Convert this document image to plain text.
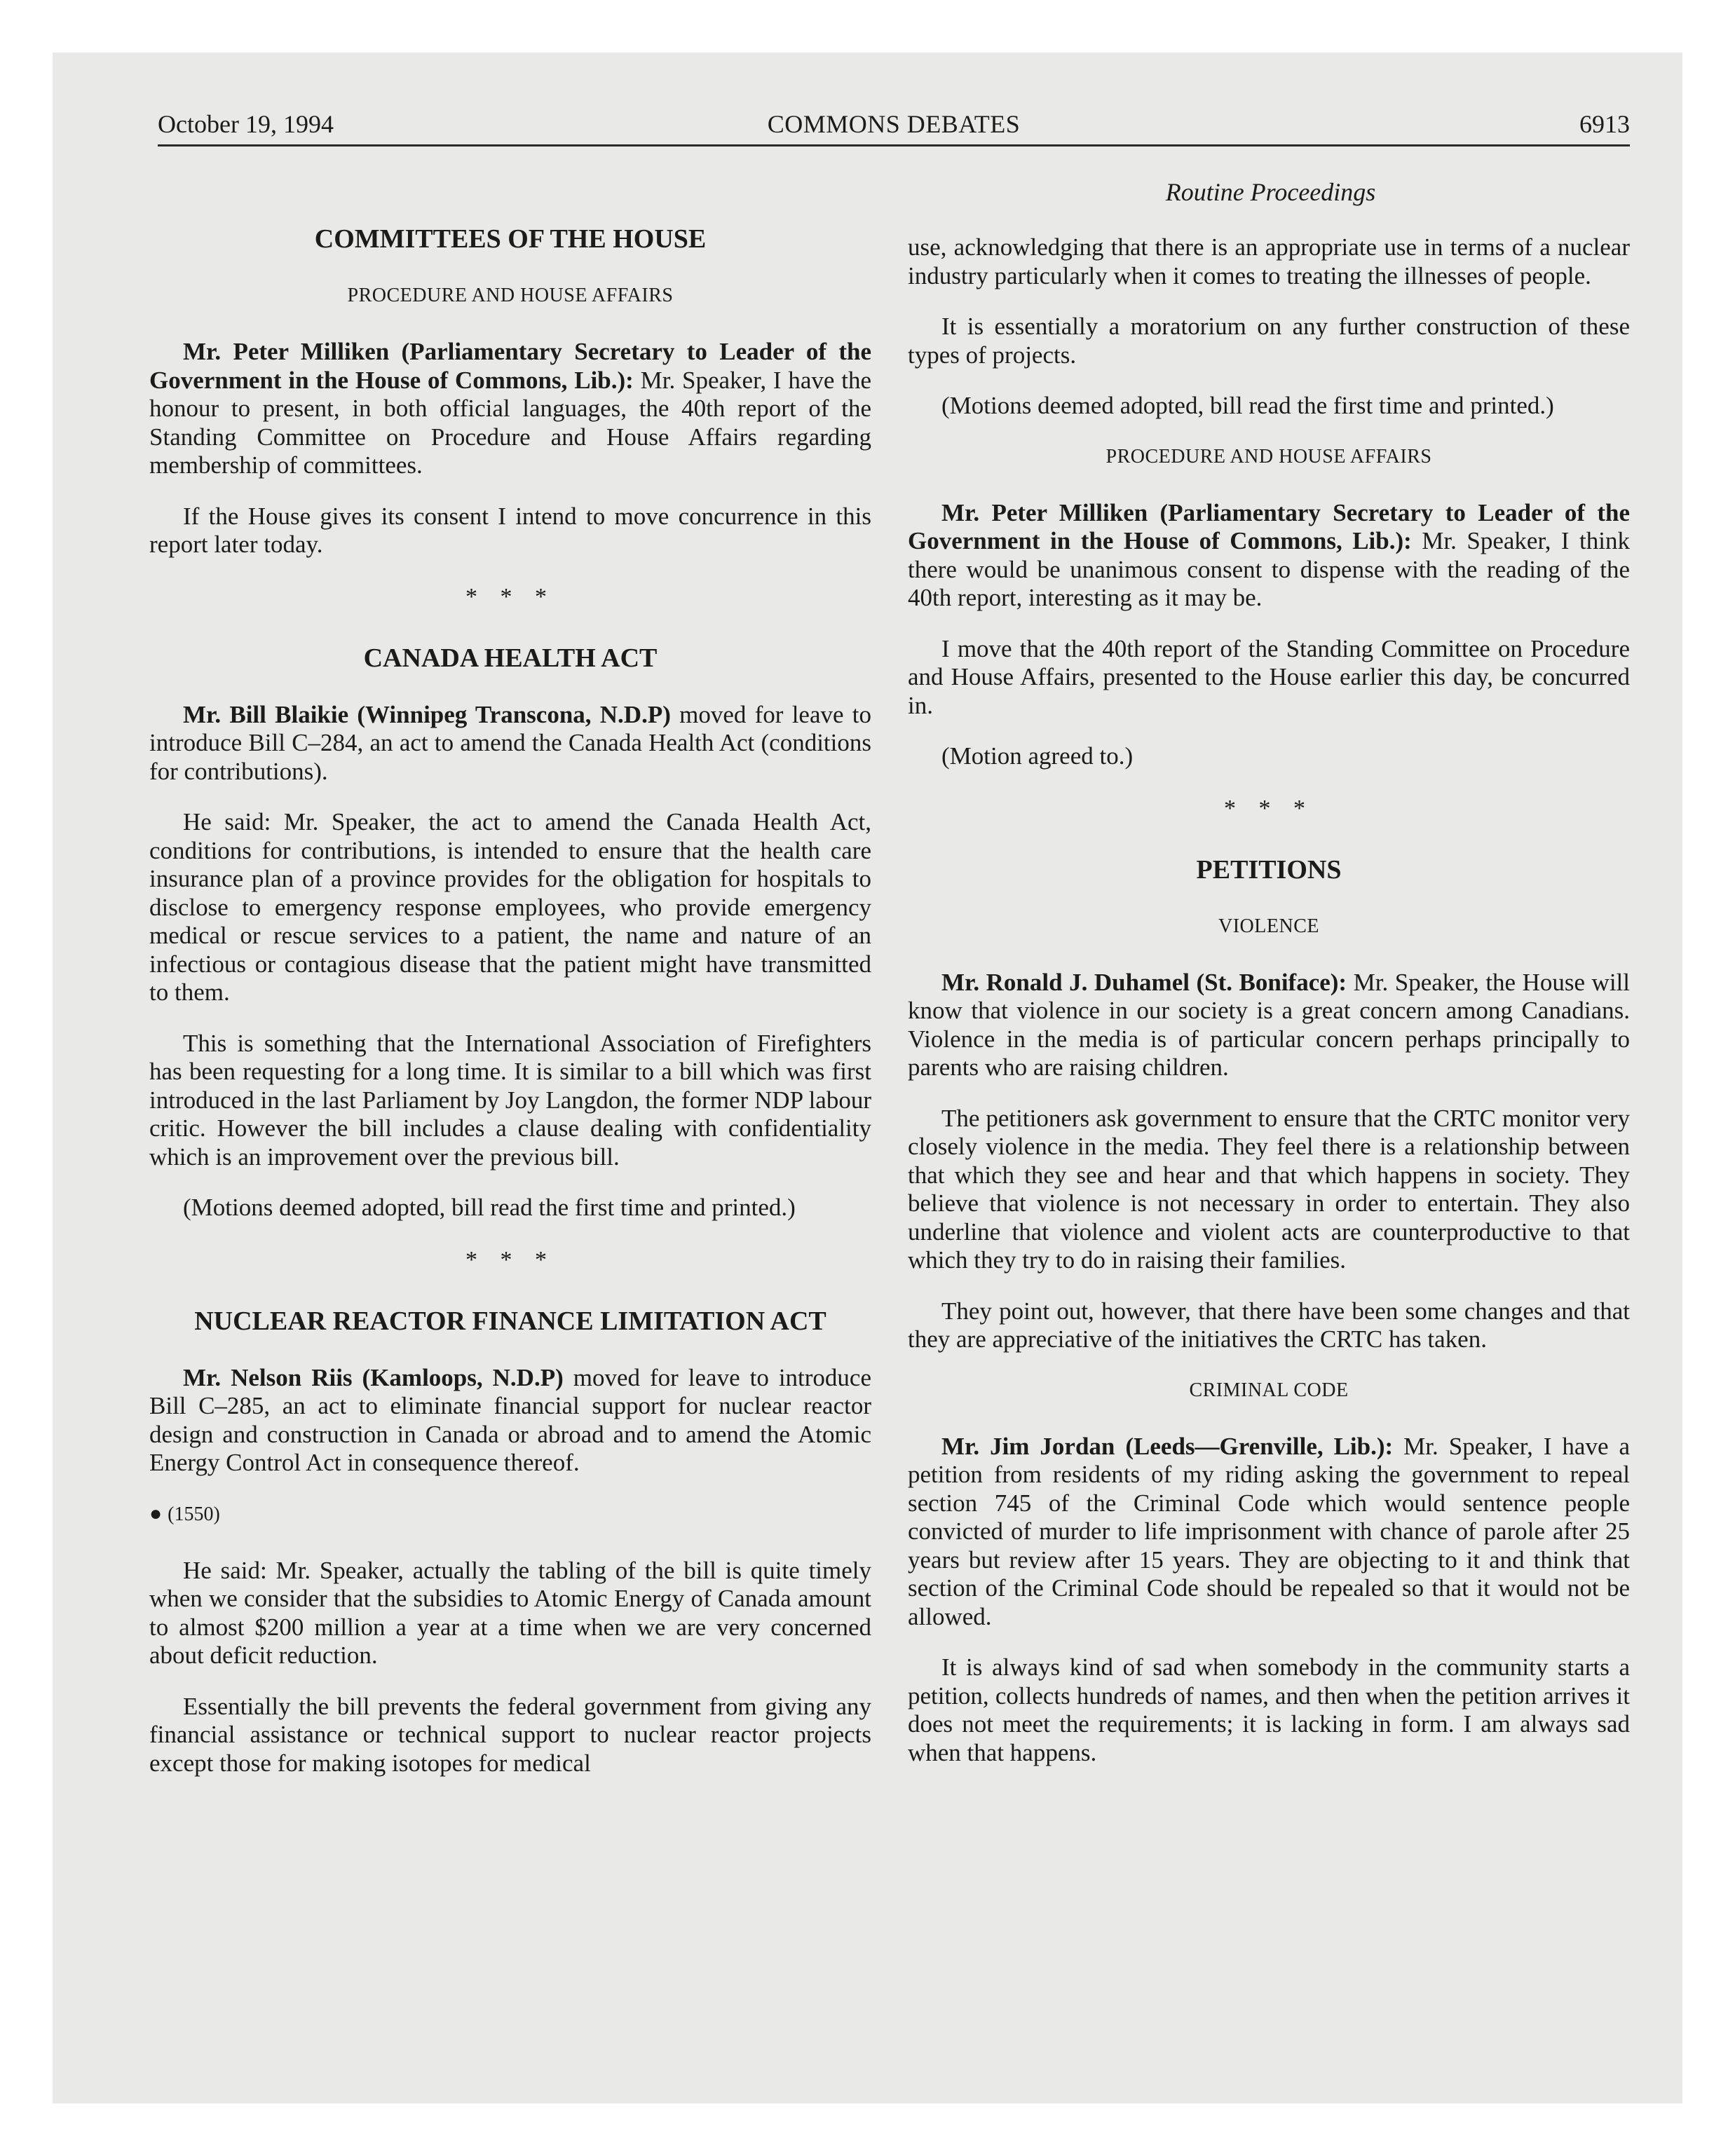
October 19, 1994	COMMONS DEBATES	6913
Routine Proceedings
COMMITTEES OF THE HOUSE
PROCEDURE AND HOUSE AFFAIRS

Mr. Peter Milliken (Parliamentary Secretary to Leader of the Government in the House of Commons, Lib.): Mr. Speaker, I have the honour to present, in both official languages, the 40th report of the Standing Committee on Procedure and House Affairs regarding membership of committees.

If the House gives its consent I intend to move concurrence in this report later today.

* * *
CANADA HEALTH ACT

Mr. Bill Blaikie (Winnipeg Transcona, N.D.P) moved for leave to introduce Bill C–284, an act to amend the Canada Health Act (conditions for contributions).

He said: Mr. Speaker, the act to amend the Canada Health Act, conditions for contributions, is intended to ensure that the health care insurance plan of a province provides for the obligation for hospitals to disclose to emergency response employees, who provide emergency medical or rescue services to a patient, the name and nature of an infectious or contagious disease that the patient might have transmitted to them.

This is something that the International Association of Firefighters has been requesting for a long time. It is similar to a bill which was first introduced in the last Parliament by Joy Langdon, the former NDP labour critic. However the bill includes a clause dealing with confidentiality which is an improvement over the previous bill.

(Motions deemed adopted, bill read the first time and printed.)

* * *
NUCLEAR REACTOR FINANCE LIMITATION ACT

Mr. Nelson Riis (Kamloops, N.D.P) moved for leave to introduce Bill C–285, an act to eliminate financial support for nuclear reactor design and construction in Canada or abroad and to amend the Atomic Energy Control Act in consequence thereof.

● (1550)

He said: Mr. Speaker, actually the tabling of the bill is quite timely when we consider that the subsidies to Atomic Energy of Canada amount to almost $200 million a year at a time when we are very concerned about deficit reduction.

Essentially the bill prevents the federal government from giving any financial assistance or technical support to nuclear reactor projects except those for making isotopes for medical

use, acknowledging that there is an appropriate use in terms of a nuclear industry particularly when it comes to treating the illnesses of people.

It is essentially a moratorium on any further construction of these types of projects.

(Motions deemed adopted, bill read the first time and printed.)

PROCEDURE AND HOUSE AFFAIRS

Mr. Peter Milliken (Parliamentary Secretary to Leader of the Government in the House of Commons, Lib.): Mr. Speaker, I think there would be unanimous consent to dispense with the reading of the 40th report, interesting as it may be.

I move that the 40th report of the Standing Committee on Procedure and House Affairs, presented to the House earlier this day, be concurred in.

(Motion agreed to.)

* * *
PETITIONS
VIOLENCE

Mr. Ronald J. Duhamel (St. Boniface): Mr. Speaker, the House will know that violence in our society is a great concern among Canadians. Violence in the media is of particular concern perhaps principally to parents who are raising children.

The petitioners ask government to ensure that the CRTC monitor very closely violence in the media. They feel there is a relationship between that which they see and hear and that which happens in society. They believe that violence is not necessary in order to entertain. They also underline that violence and violent acts are counterproductive to that which they try to do in raising their families.

They point out, however, that there have been some changes and that they are appreciative of the initiatives the CRTC has taken.

CRIMINAL CODE

Mr. Jim Jordan (Leeds—Grenville, Lib.): Mr. Speaker, I have a petition from residents of my riding asking the government to repeal section 745 of the Criminal Code which would sentence people convicted of murder to life imprisonment with chance of parole after 25 years but review after 15 years. They are objecting to it and think that section of the Criminal Code should be repealed so that it would not be allowed.

It is always kind of sad when somebody in the community starts a petition, collects hundreds of names, and then when the petition arrives it does not meet the requirements; it is lacking in form. I am always sad when that happens.
